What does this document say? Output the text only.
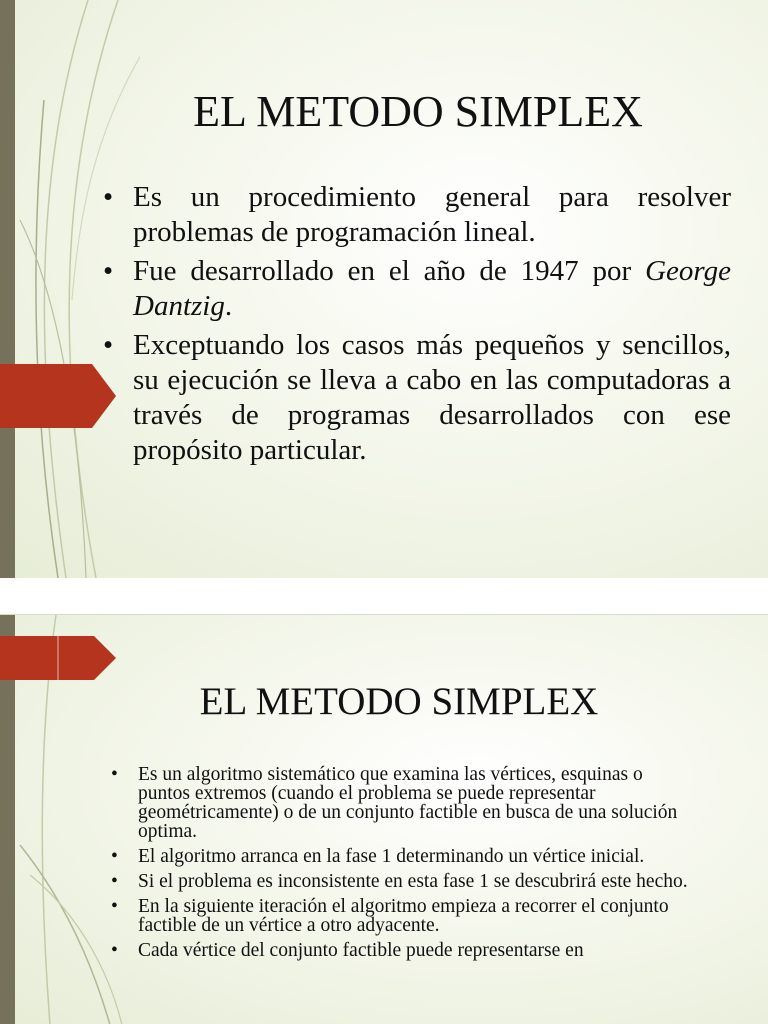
EL METODO SIMPLEX
• Es un procedimiento general para resolver problemas de programación lineal.
• Fue desarrollado en el año de 1947 por George Dantzig.
• Exceptuando los casos más pequeños y sencillos, su ejecución se lleva a cabo en las computadoras a través de programas desarrollados con ese propósito particular.
EL METODO SIMPLEX
• Es un algoritmo sistemático que examina las vértices, esquinas o puntos extremos (cuando el problema se puede representar geométricamente) o de un conjunto factible en busca de una solución optima.
• El algoritmo arranca en la fase 1 determinando un vértice inicial.
• Si el problema es inconsistente en esta fase 1 se descubrirá este hecho.
• En la siguiente iteración el algoritmo empieza a recorrer el conjunto factible de un vértice a otro adyacente.
• Cada vértice del conjunto factible puede representarse en
